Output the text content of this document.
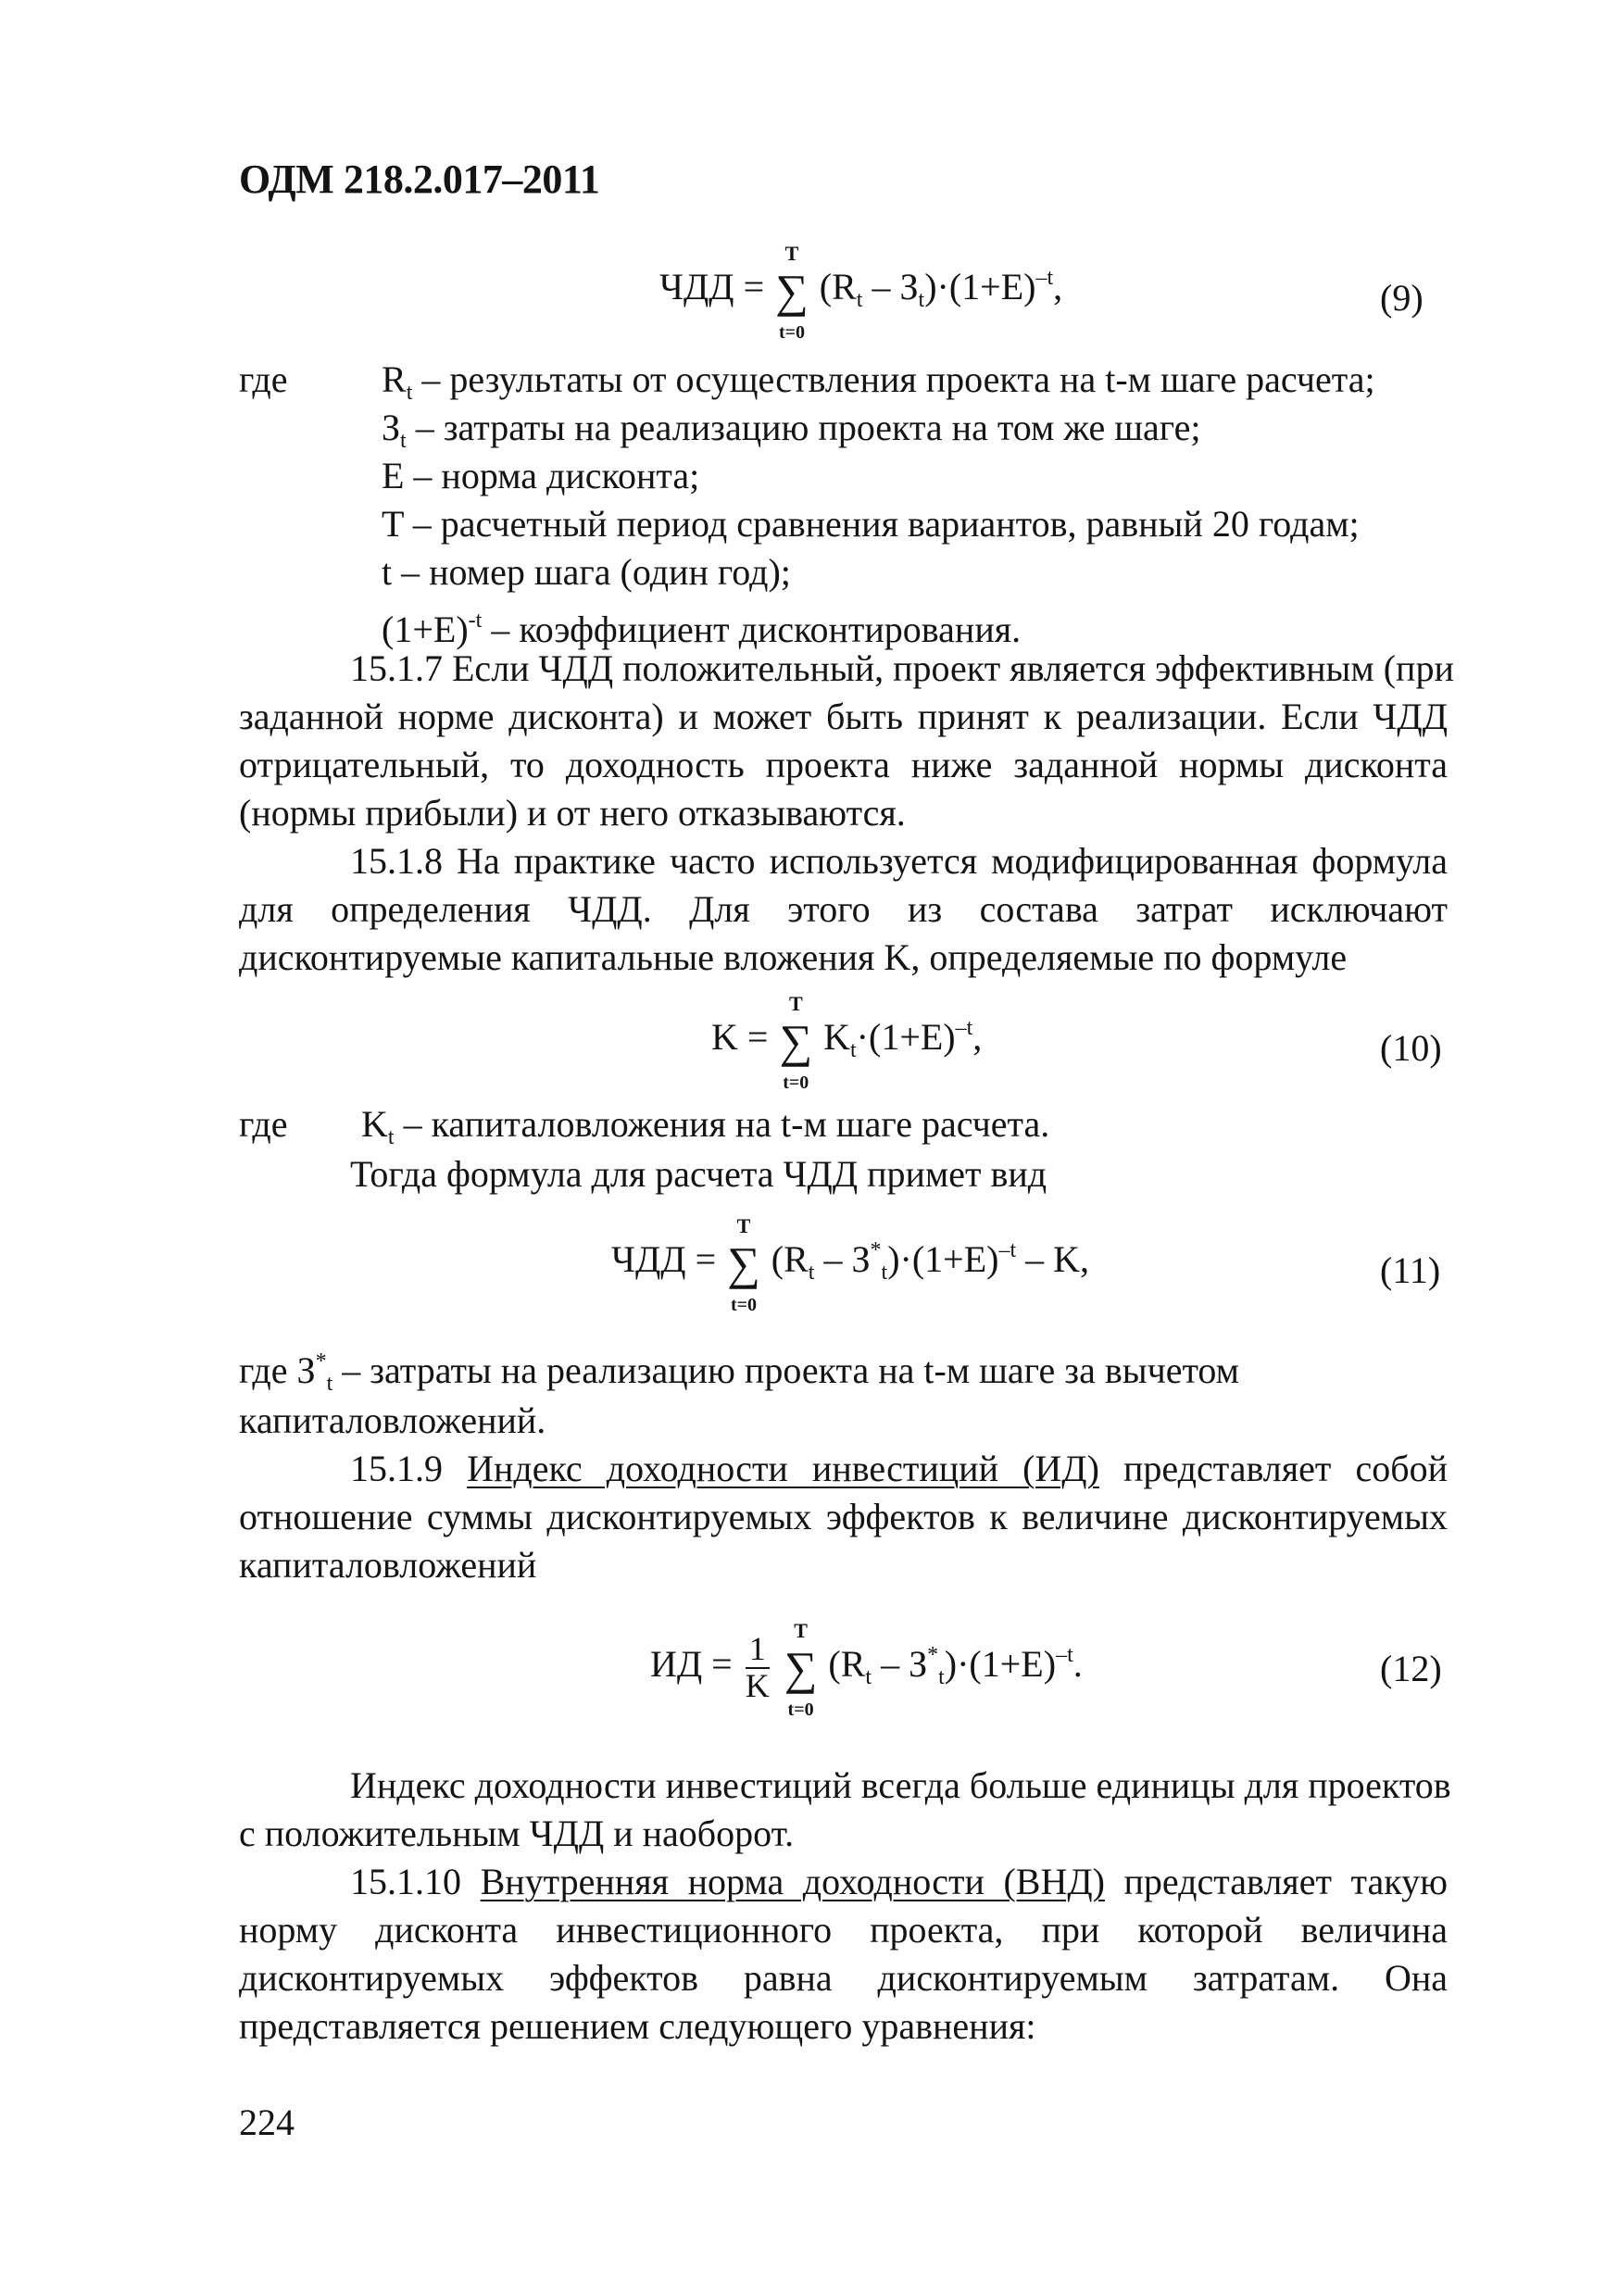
ОДМ 218.2.017–2011
ЧДД = ∑
T
t=0
$(R_t - З_t)\cdot(1+E)^{-t}$,	(9)
где	$R_t$ – результаты от осуществления проекта на t-м шаге расчета;
$З_t$ – затраты на реализацию проекта на том же шаге;
E – норма дисконта;
T – расчетный период сравнения вариантов, равный 20 годам;
t – номер шага (один год);
$(1+E)^{-t}$ – коэффициент дисконтирования.
15.1.7 Если ЧДД положительный, проект является эффективным (при
заданной норме дисконта) и может быть принят к реализации. Если ЧДД
отрицательный, то доходность проекта ниже заданной нормы дисконта
(нормы прибыли) и от него отказываются.
15.1.8 На практике часто используется модифицированная формула
для определения ЧДД. Для этого из состава затрат исключают
дисконтируемые капитальные вложения K, определяемые по формуле
K = ∑
T
t=0
$K_t\cdot(1+E)^{-t}$,	(10)
где $K_t$ – капиталовложения на t-м шаге расчета.
Тогда формула для расчета ЧДД примет вид
ЧДД = ∑
T
t=0
$(R_t - З^*_t)\cdot(1+E)^{-t} - K$,	(11)
где $З^*_t$ – затраты на реализацию проекта на t-м шаге за вычетом
капиталовложений.
15.1.9 Индекс доходности инвестиций (ИД) представляет собой
отношение суммы дисконтируемых эффектов к величине дисконтируемых
капиталовложений
ИД = $\frac{1}{K}$ ∑
T
t=0
$(R_t - З^*_t)\cdot(1+E)^{-t}$.	(12)
Индекс доходности инвестиций всегда больше единицы для проектов
с положительным ЧДД и наоборот.
15.1.10 Внутренняя норма доходности (ВНД) представляет такую
норму дисконта инвестиционного проекта, при которой величина
дисконтируемых эффектов равна дисконтируемым затратам. Она
представляется решением следующего уравнения:
224
